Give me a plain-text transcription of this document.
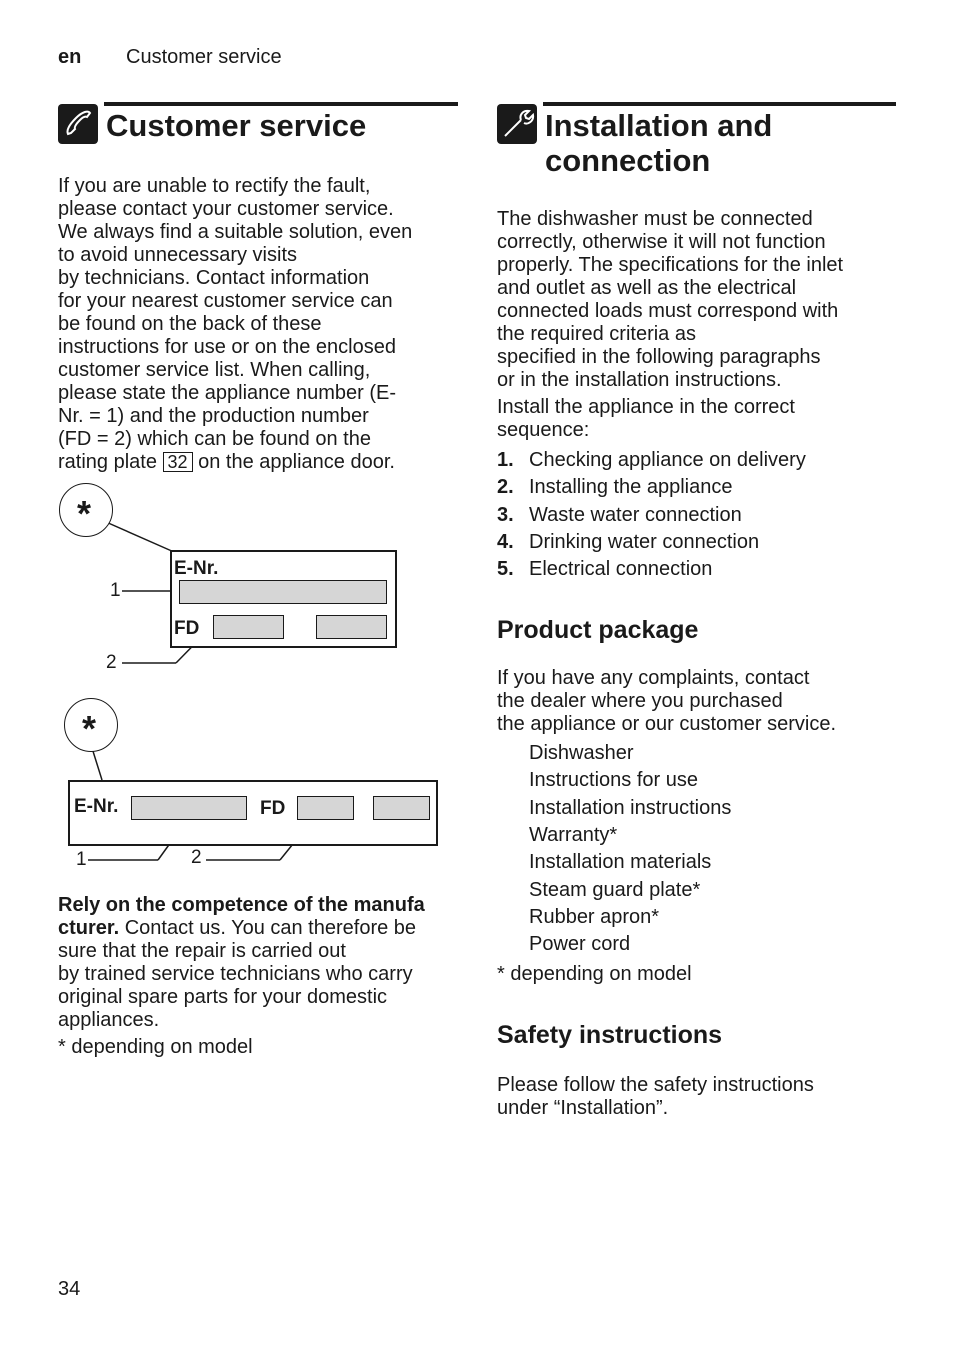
en Customer service
Customer service
If you are unable to rectify the fault,
please contact your customer service.
We always find a suitable solution, even
to avoid unnecessary visits
by technicians. Contact information
for your nearest customer service can
be found on the back of these
instructions for use or on the enclosed
customer service list. When calling,
please state the appliance number (E-
Nr. = 1) and the production number
(FD = 2) which can be found on the
rating plate 32 on the appliance door.
*
E-Nr.
FD
1
2
*
E-Nr.	FD
1	2
Rely on the competence of the manufa
cturer. Contact us. You can therefore be
sure that the repair is carried out
by trained service technicians who carry
original spare parts for your domestic
appliances.
* depending on model
Installation and
connection
The dishwasher must be connected
correctly, otherwise it will not function
properly. The specifications for the inlet
and outlet as well as the electrical
connected loads must correspond with
the required criteria as
specified in the following paragraphs
or in the installation instructions.
Install the appliance in the correct
sequence:
1. Checking appliance on delivery
2. Installing the appliance
3. Waste water connection
4. Drinking water connection
5. Electrical connection
Product package
If you have any complaints, contact
the dealer where you purchased
the appliance or our customer service.
Dishwasher
Instructions for use
Installation instructions
Warranty*
Installation materials
Steam guard plate*
Rubber apron*
Power cord
* depending on model
Safety instructions
Please follow the safety instructions
under “Installation”.
34
